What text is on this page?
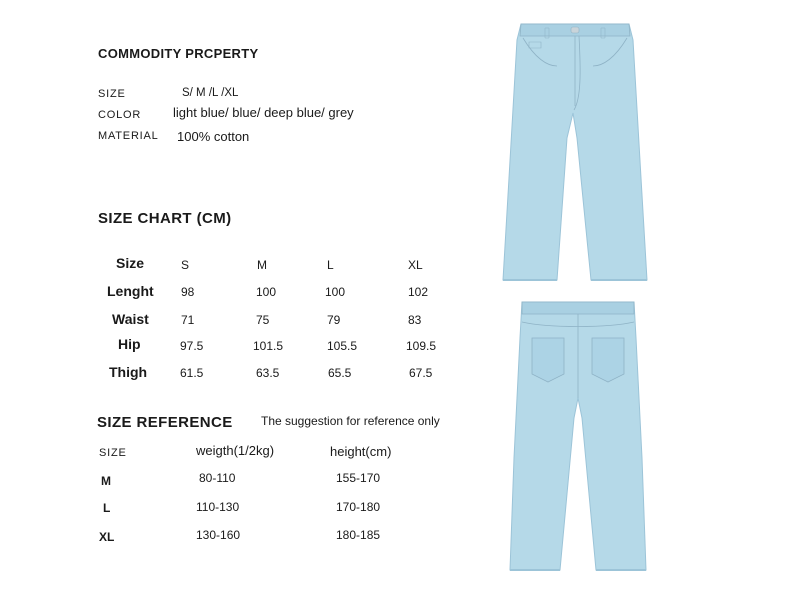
COMMODITY PRCPERTY
SIZE	S/ M /L /XL
COLOR light blue/ blue/ deep blue/ grey
MATERIAL 100% cotton
SIZE CHART (CM)
Size	S	M	L	XL
Lenght 98	100	100	102
Waist	71	75	79	83
Hip	97.5	101.5	105.5	109.5
Thigh	61.5	63.5	65.5	67.5
SIZE REFERENCE The suggestion for reference only
SIZE	weigth(1/2kg)	height(cm)
M	80-110	155-170
L	110-130	170-180
XL	130-160	180-185
